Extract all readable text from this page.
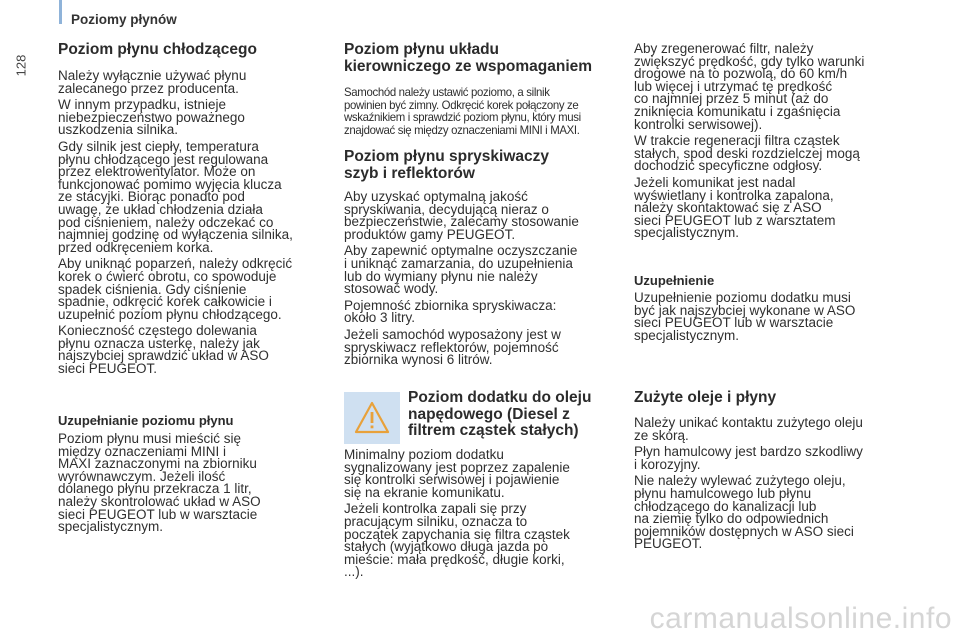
128
Poziomy płynów
Poziom płynu chłodzącego

Należy wyłącznie używać płynu
zalecanego przez producenta.

W innym przypadku, istnieje
niebezpieczeństwo poważnego
uszkodzenia silnika.

Gdy silnik jest ciepły, temperatura
płynu chłodzącego jest regulowana
przez elektrowentylator. Może on
funkcjonować pomimo wyjęcia klucza
ze stacyjki. Biorąc ponadto pod
uwagę, że układ chłodzenia działa
pod ciśnieniem, należy odczekać co
najmniej godzinę od wyłączenia silnika,
przed odkręceniem korka.

Aby uniknąć poparzeń, należy odkręcić
korek o ćwierć obrotu, co spowoduje
spadek ciśnienia. Gdy ciśnienie
spadnie, odkręcić korek całkowicie i
uzupełnić poziom płynu chłodzącego.

Konieczność częstego dolewania
płynu oznacza usterkę, należy jak
najszybciej sprawdzić układ w ASO
sieci PEUGEOT.

Uzupełnianie poziomu płynu

Poziom płynu musi mieścić się
między oznaczeniami MINI i
MAXI zaznaczonymi na zbiorniku
wyrównawczym. Jeżeli ilość
dolanego płynu przekracza 1 litr,
należy skontrolować układ w ASO
sieci PEUGEOT lub w warsztacie
specjalistycznym.

Poziom płynu układu
kierowniczego ze wspomaganiem

Samochód należy ustawić poziomo, a silnik
powinien być zimny. Odkręcić korek połączony ze
wskaźnikiem i sprawdzić poziom płynu, który musi
znajdować się między oznaczeniami MINI i MAXI.

Poziom płynu spryskiwaczy
szyb i reflektorów

Aby uzyskać optymalną jakość
spryskiwania, decydującą nieraz o
bezpieczeństwie, zalecamy stosowanie
produktów gamy PEUGEOT.

Aby zapewnić optymalne oczyszczanie
i uniknąć zamarzania, do uzupełnienia
lub do wymiany płynu nie należy
stosować wody.

Pojemność zbiornika spryskiwacza:
około 3 litry.

Jeżeli samochód wyposażony jest w
spryskiwacz reflektorów, pojemność
zbiornika wynosi 6 litrów.

Poziom dodatku do oleju
napędowego (Diesel z
filtrem cząstek stałych)

Minimalny poziom dodatku
sygnalizowany jest poprzez zapalenie
się kontrolki serwisowej i pojawienie
się na ekranie komunikatu.

Jeżeli kontrolka zapali się przy
pracującym silniku, oznacza to
początek zapychania się filtra cząstek
stałych (wyjątkowo długa jazda po
mieście: mała prędkość, długie korki,
...).

Aby zregenerować filtr, należy
zwiększyć prędkość, gdy tylko warunki
drogowe na to pozwolą, do 60 km/h
lub więcej i utrzymać tę prędkość
co najmniej przez 5 minut (aż do
zniknięcia komunikatu i zgaśnięcia
kontrolki serwisowej).

W trakcie regeneracji filtra cząstek
stałych, spod deski rozdzielczej mogą
dochodzić specyficzne odgłosy.

Jeżeli komunikat jest nadal
wyświetlany i kontrolka zapalona,
należy skontaktować się z ASO
sieci PEUGEOT lub z warsztatem
specjalistycznym.

Uzupełnienie

Uzupełnienie poziomu dodatku musi
być jak najszybciej wykonane w ASO
sieci PEUGEOT lub w warsztacie
specjalistycznym.

Zużyte oleje i płyny

Należy unikać kontaktu zużytego oleju
ze skórą.

Płyn hamulcowy jest bardzo szkodliwy
i korozyjny.

Nie należy wylewać zużytego oleju,
płynu hamulcowego lub płynu
chłodzącego do kanalizacji lub
na ziemię tylko do odpowiednich
pojemników dostępnych w ASO sieci
PEUGEOT.

carmanualsonline.info
